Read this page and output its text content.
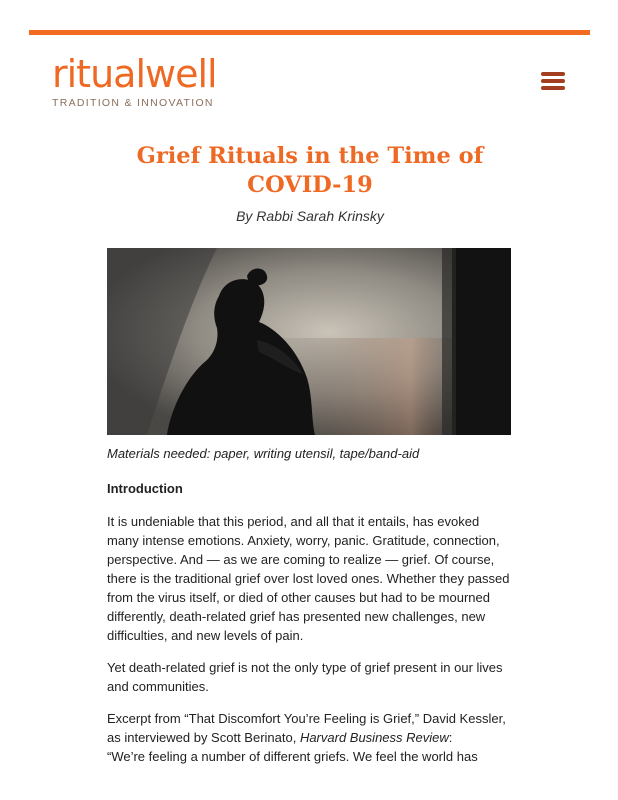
ritualwell
TRADITION & INNOVATION
Grief Rituals in the Time of COVID-19
By Rabbi Sarah Krinsky
Materials needed: paper, writing utensil, tape/band-aid
Introduction

It is undeniable that this period, and all that it entails, has evoked many intense emotions. Anxiety, worry, panic. Gratitude, connection, perspective. And — as we are coming to realize — grief. Of course, there is the traditional grief over lost loved ones. Whether they passed from the virus itself, or died of other causes but had to be mourned differently, death-related grief has presented new challenges, new difficulties, and new levels of pain.

Yet death-related grief is not the only type of grief present in our lives and communities.

Excerpt from “That Discomfort You’re Feeling is Grief,” David Kessler, as interviewed by Scott Berinato, Harvard Business Review:
“We’re feeling a number of different griefs. We feel the world has
